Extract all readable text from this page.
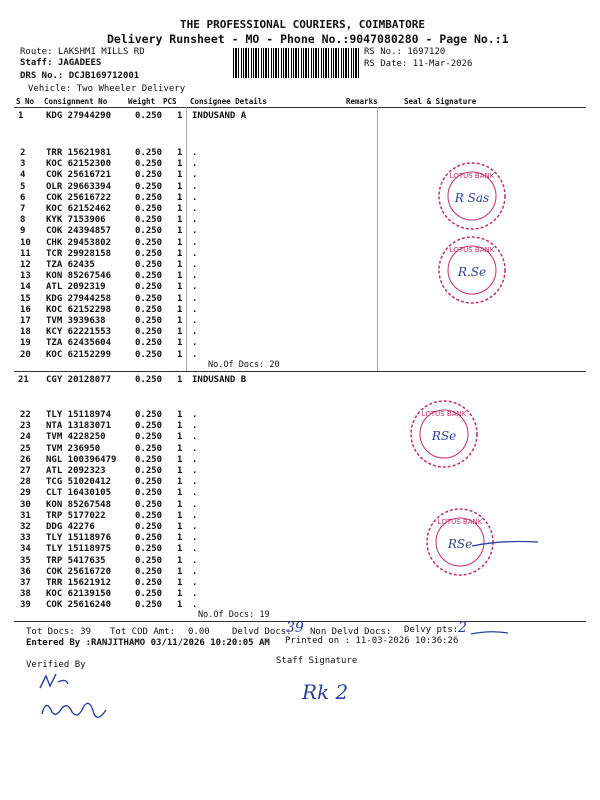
THE PROFESSIONAL COURIERS, COIMBATORE
Delivery Runsheet - MO - Phone No.:9047080280 - Page No.:1
Route: LAKSHMI MILLS RD
Staff: JAGADEES
DRS No.: DCJB169712001
Vehicle: Two Wheeler Delivery
RS No.: 1697120
RS Date: 11-Mar-2026
S No Consignment No	Weight PCS Consignee Details	Remarks	Seal & Signature
1	KDG 27944290	0.250 1 INDUSAND A
2 TRR 15621981	0.250 1 .
3 KOC 62152300	0.250 1 .
4 COK 25616721	0.250 1 .
5 OLR 29663394	0.250 1 .
6 COK 25616722	0.250 1 .
7 KOC 62152462	0.250 1 .
8 KYK 7153906	0.250 1 .
9 COK 24394857	0.250 1 .
10 CHK 29453802	0.250 1 .
11 TCR 29928158	0.250 1 .
12 TZA 62435	0.250 1 .
13 KON 85267546	0.250 1 .
14 ATL 2092319	0.250 1 .
15 KDG 27944258	0.250 1 .
16 KOC 62152298	0.250 1 .
17 TVM 3939638	0.250 1 .
18 KCY 62221553	0.250 1 .
19 TZA 62435604	0.250 1 .
20 KOC 62152299	0.250 1 .
No.Of Docs: 20
21 CGY 20128077	0.250 1 INDUSAND B
22 TLY 15118974	0.250 1 .
23 NTA 13183071	0.250 1 .
24 TVM 4228250	0.250 1 .
25 TVM 236950	0.250 1 .
26 NGL 100396479 0.250 1 .
27 ATL 2092323	0.250 1 .
28 TCG 51020412	0.250 1 .
29 CLT 16430105	0.250 1 .
30 KON 85267548	0.250 1 .
31 TRP 5177022	0.250 1 .
32 DDG 42276	0.250 1 .
33 TLY 15118976	0.250 1 .
34 TLY 15118975	0.250 1 .
35 TRP 5417635	0.250 1 .
36 COK 25616720	0.250 1 .
37 TRR 15621912	0.250 1 .
38 KOC 62139150	0.250 1 .
39 COK 25616240	0.250 1 .
No.Of Docs: 19
LOTUS BANK
R Sas
LOTUS BANK
R.Se
LOTUS BANK
RSe
LOTUS BANK
RSe
Tot Docs: 39 Tot COD Amt: 0.00 Delvd Docs:
39 Non Delvd Docs: Delvy pts: 2
Entered By :RANJITHAMO 03/11/2026 10:20:05 AM Printed on : 11-03-2026 10:36:26
Verified By	Staff Signature
Rk 2
